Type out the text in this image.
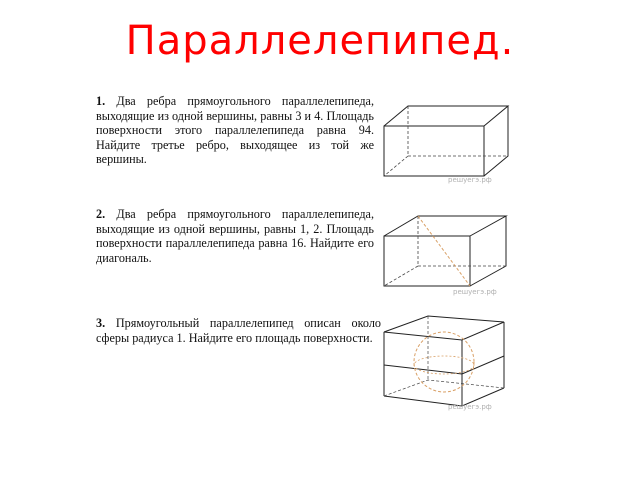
Параллелепипед.
1. Два ребра прямоугольного параллелепипеда, выходящие из одной вершины, равны 3 и 4. Площадь поверхности этого параллелепипеда равна 94. Найдите третье ребро, выходящее из той же вершины.
2. Два ребра прямоугольного параллелепипеда, выходящие из одной вершины, равны 1, 2. Площадь поверхности параллелепипеда равна 16. Найдите его диагональ.
3. Прямоугольный параллелепипед описан около сферы радиуса 1. Найдите его площадь поверхности.
решуегэ.рф
решуегэ.рф
решуегэ.рф
